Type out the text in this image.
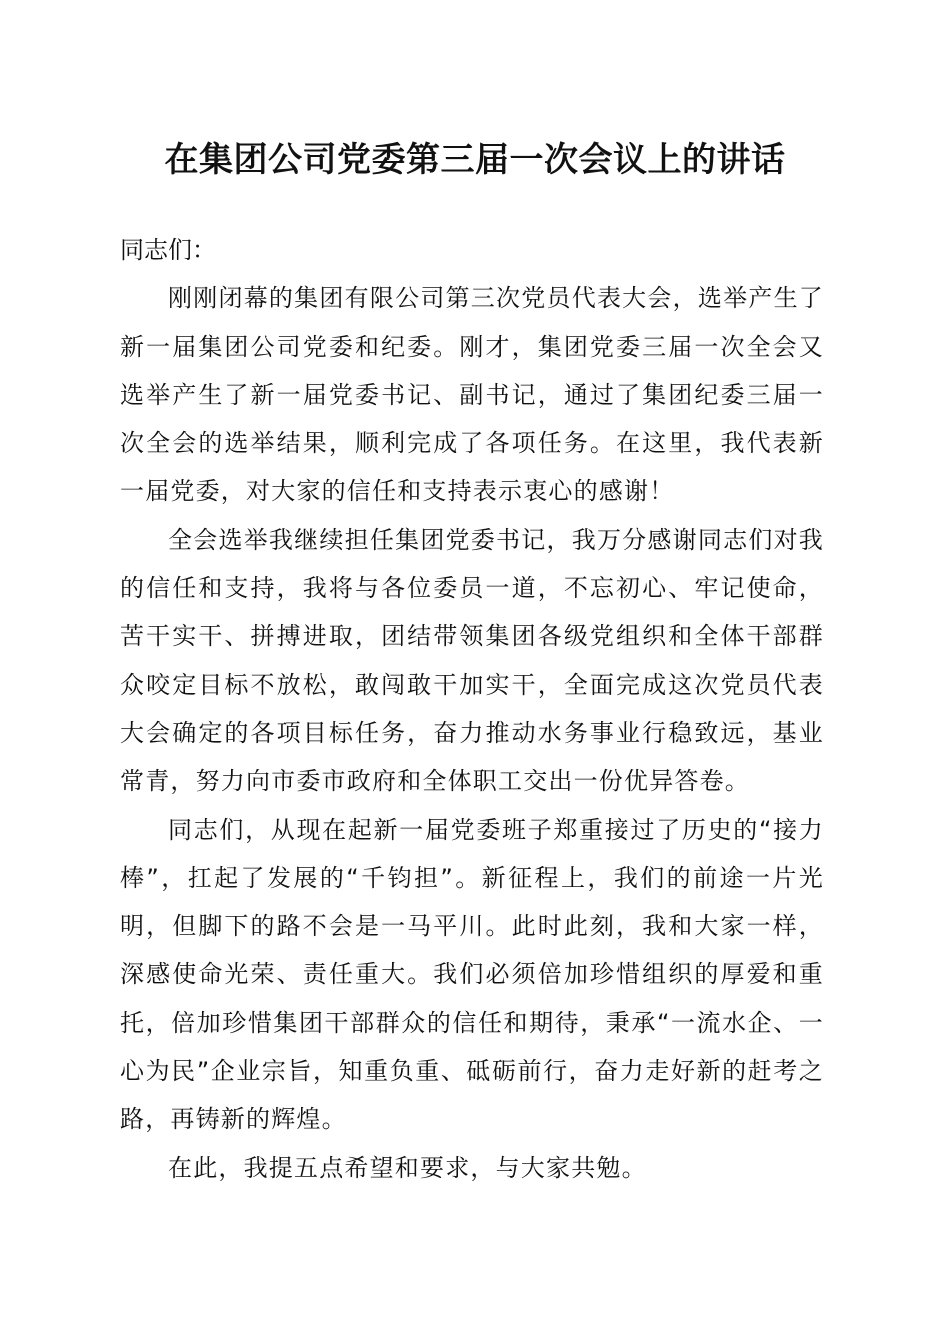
在集团公司党委第三届一次会议上的讲话

同志们：

刚刚闭幕的集团有限公司第三次党员代表大会，选举产生了新一届集团公司党委和纪委。刚才，集团党委三届一次全会又选举产生了新一届党委书记、副书记，通过了集团纪委三届一次全会的选举结果，顺利完成了各项任务。在这里，我代表新一届党委，对大家的信任和支持表示衷心的感谢！

全会选举我继续担任集团党委书记，我万分感谢同志们对我的信任和支持，我将与各位委员一道，不忘初心、牢记使命，苦干实干、拼搏进取，团结带领集团各级党组织和全体干部群众咬定目标不放松，敢闯敢干加实干，全面完成这次党员代表大会确定的各项目标任务，奋力推动水务事业行稳致远，基业常青，努力向市委市政府和全体职工交出一份优异答卷。

同志们，从现在起新一届党委班子郑重接过了历史的“接力棒”，扛起了发展的“千钧担”。新征程上，我们的前途一片光明，但脚下的路不会是一马平川。此时此刻，我和大家一样，深感使命光荣、责任重大。我们必须倍加珍惜组织的厚爱和重托，倍加珍惜集团干部群众的信任和期待，秉承“一流水企、一心为民”企业宗旨，知重负重、砥砺前行，奋力走好新的赶考之路，再铸新的辉煌。

在此，我提五点希望和要求，与大家共勉。
